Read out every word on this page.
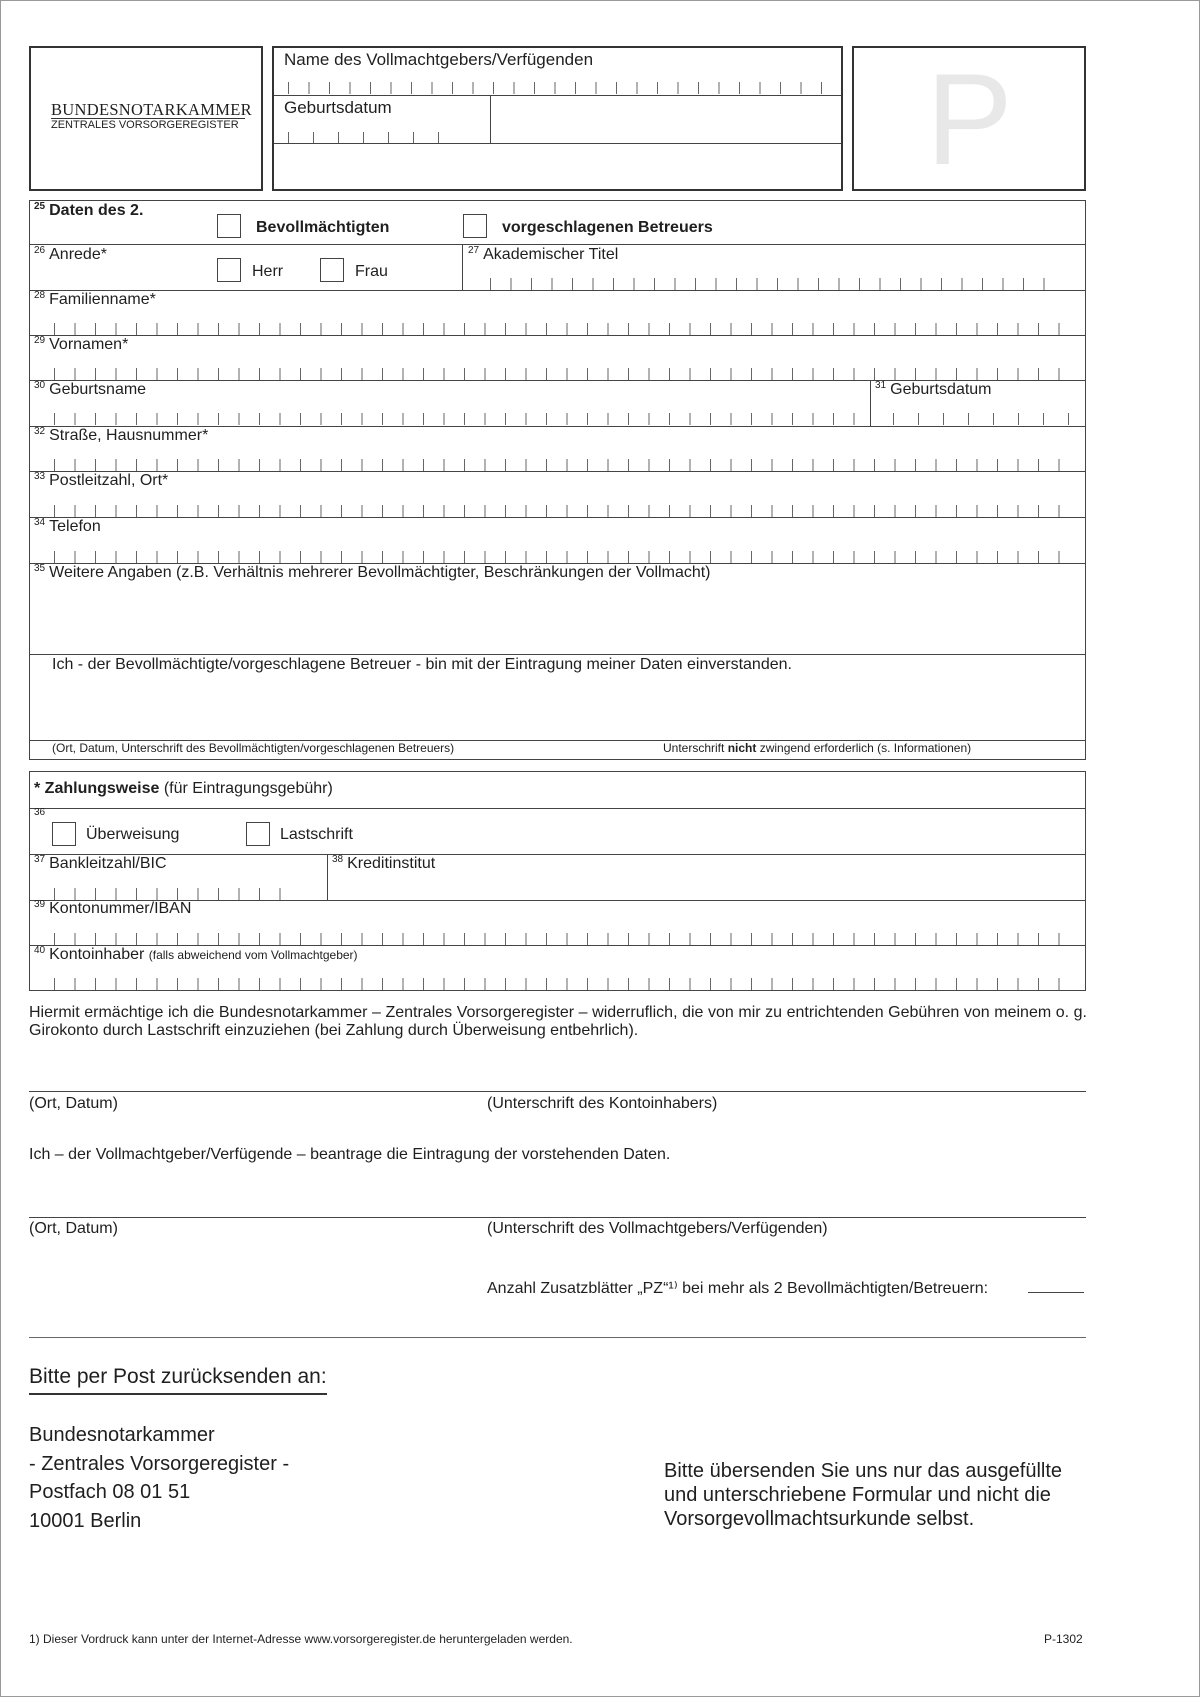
BUNDESNOTARKAMMER
ZENTRALES VORSORGEREGISTER
Name des Vollmachtgebers/Verfügenden
Geburtsdatum	P
$^{25}$ Daten des 2.
Bevollmächtigten	vorgeschlagenen Betreuers
$^{26}$ Anrede*
Herr	Frau
$^{27}$ Akademischer Titel
$^{28}$ Familienname*
$^{29}$ Vornamen*
$^{30}$ Geburtsname	$^{31}$ Geburtsdatum
$^{32}$ Straße, Hausnummer*
$^{33}$ Postleitzahl, Ort*
$^{34}$ Telefon
$^{35}$ Weitere Angaben (z.B. Verhältnis mehrerer Bevollmächtigter, Beschränkungen der Vollmacht)
Ich - der Bevollmächtigte/vorgeschlagene Betreuer - bin mit der Eintragung meiner Daten einverstanden.
(Ort, Datum, Unterschrift des Bevollmächtigten/vorgeschlagenen Betreuers)	Unterschrift nicht zwingend erforderlich (s. Informationen)
* Zahlungsweise (für Eintragungsgebühr)
$^{36}$
Überweisung	Lastschrift
$^{37}$ Bankleitzahl/BIC	$^{38}$ Kreditinstitut
$^{39}$ Kontonummer/IBAN
$^{40}$ Kontoinhaber (falls abweichend vom Vollmachtgeber)
Hiermit ermächtige ich die Bundesnotarkammer – Zentrales Vorsorgeregister – widerruflich, die von mir zu entrichtenden Gebühren von meinem o. g. Girokonto durch Lastschrift einzuziehen (bei Zahlung durch Überweisung entbehrlich).
(Ort, Datum)	(Unterschrift des Kontoinhabers)
Ich – der Vollmachtgeber/Verfügende – beantrage die Eintragung der vorstehenden Daten.
(Ort, Datum)	(Unterschrift des Vollmachtgebers/Verfügenden)
Anzahl Zusatzblätter „PZ“¹⁾ bei mehr als 2 Bevollmächtigten/Betreuern:
Bitte per Post zurücksenden an:
Bundesnotarkammer
- Zentrales Vorsorgeregister -
Postfach 08 01 51
10001 Berlin
Bitte übersenden Sie uns nur das ausgefüllte
und unterschriebene Formular und nicht die
Vorsorgevollmachtsurkunde selbst.
1) Dieser Vordruck kann unter der Internet-Adresse www.vorsorgeregister.de heruntergeladen werden.	P-1302
